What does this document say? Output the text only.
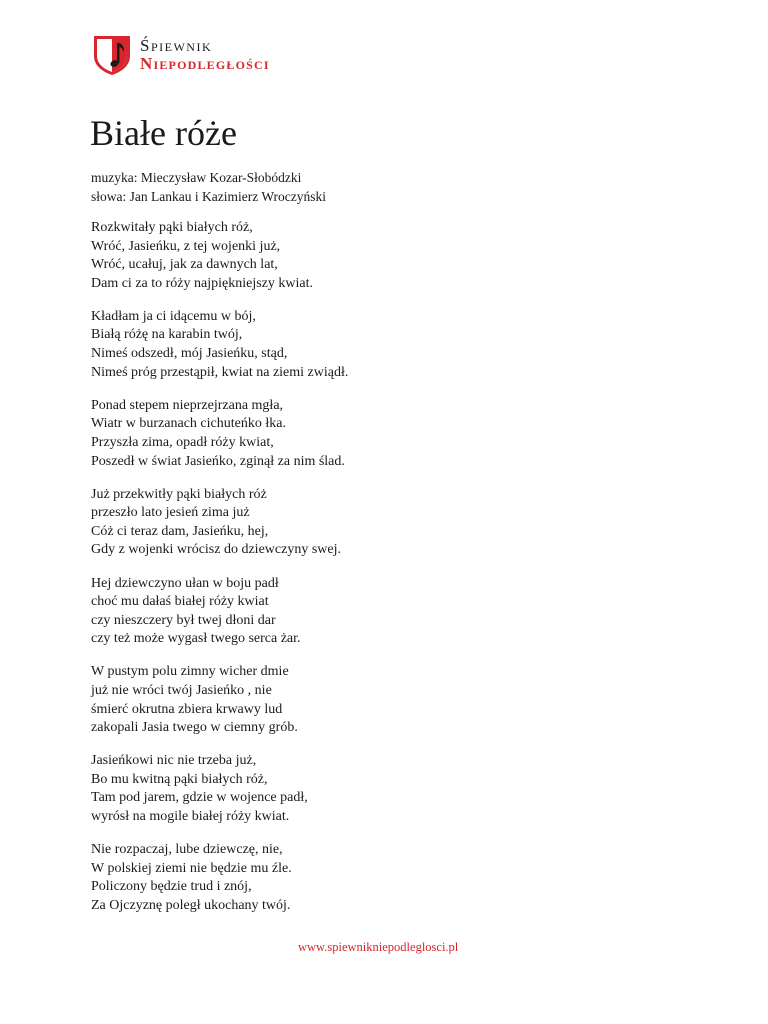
Śpiewnik
Niepodległości
Białe róże
muzyka: Mieczysław Kozar-Słobódzki
słowa: Jan Lankau i Kazimierz Wroczyński
Rozkwitały pąki białych róż,
Wróć, Jasieńku, z tej wojenki już,
Wróć, ucałuj, jak za dawnych lat,
Dam ci za to róży najpiękniejszy kwiat.
Kładłam ja ci idącemu w bój,
Białą różę na karabin twój,
Nimeś odszedł, mój Jasieńku, stąd,
Nimeś próg przestąpił, kwiat na ziemi zwiądł.
Ponad stepem nieprzejrzana mgła,
Wiatr w burzanach cichuteńko łka.
Przyszła zima, opadł róży kwiat,
Poszedł w świat Jasieńko, zginął za nim ślad.
Już przekwitły pąki białych róż
przeszło lato jesień zima już
Cóż ci teraz dam, Jasieńku, hej,
Gdy z wojenki wrócisz do dziewczyny swej.
Hej dziewczyno ułan w boju padł
choć mu dałaś białej róży kwiat
czy nieszczery był twej dłoni dar
czy też może wygasł twego serca żar.
W pustym polu zimny wicher dmie
już nie wróci twój Jasieńko , nie
śmierć okrutna zbiera krwawy lud
zakopali Jasia twego w ciemny grób.
Jasieńkowi nic nie trzeba już,
Bo mu kwitną pąki białych róż,
Tam pod jarem, gdzie w wojence padł,
wyrósł na mogile białej róży kwiat.
Nie rozpaczaj, lube dziewczę, nie,
W polskiej ziemi nie będzie mu źle.
Policzony będzie trud i znój,
Za Ojczyznę poległ ukochany twój.
www.spiewnikniepodleglosci.pl
